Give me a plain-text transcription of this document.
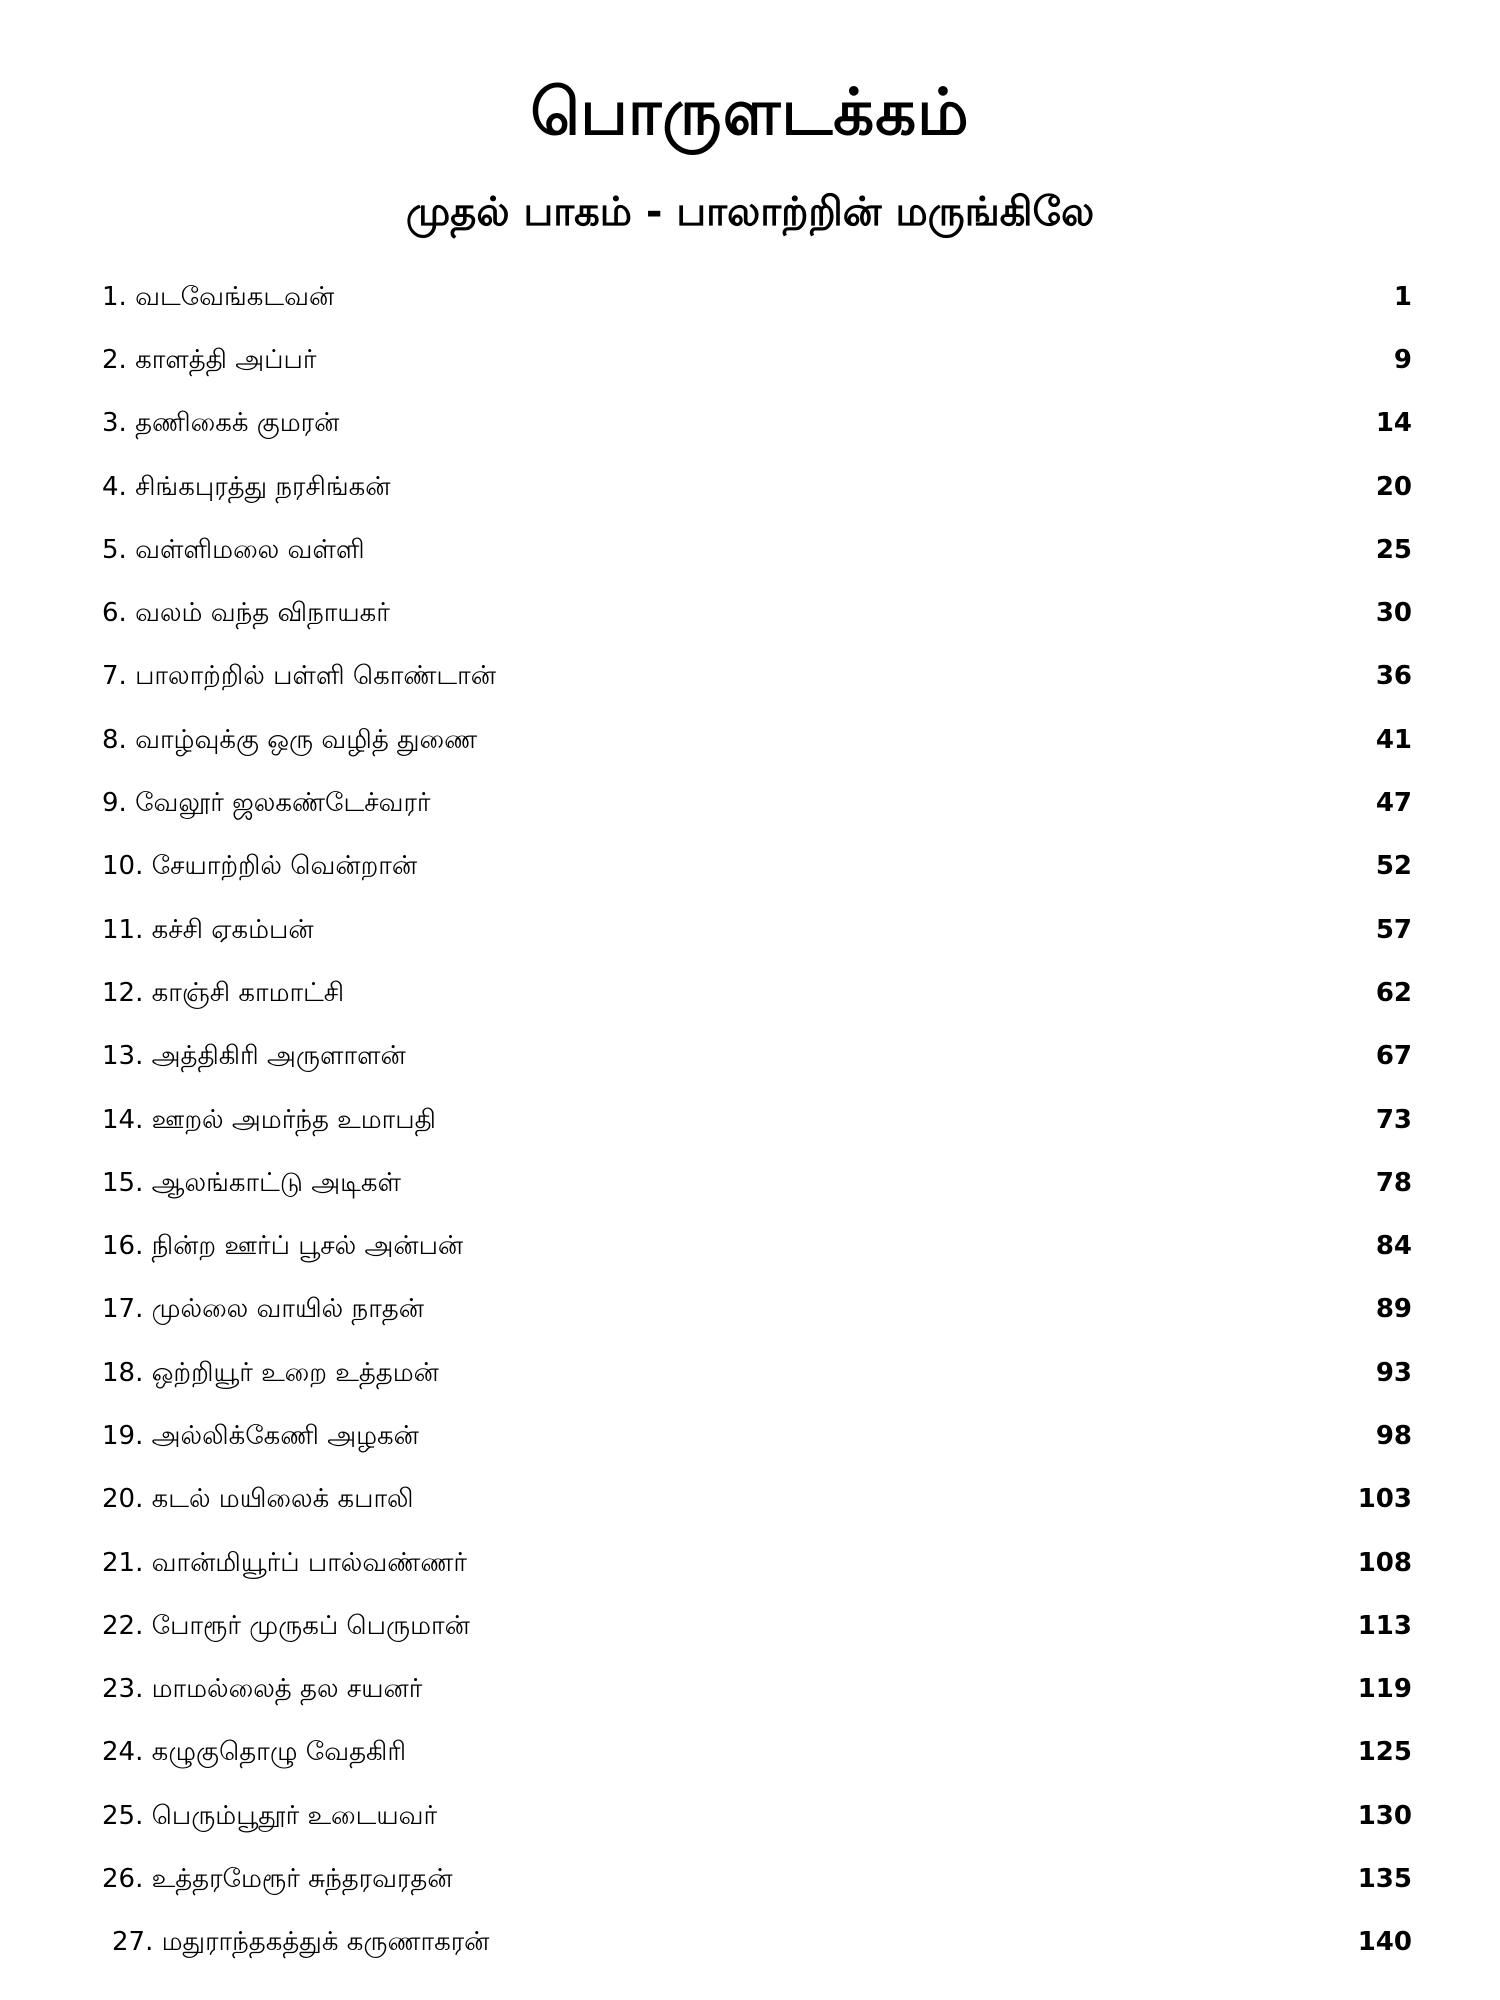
பொருளடக்கம்
முதல் பாகம் - பாலாற்றின் மருங்கிலே
1. வடவேங்கடவன்	1
2. காளத்தி அப்பர்	9
3. தணிகைக் குமரன்	14
4. சிங்கபுரத்து நரசிங்கன்	20
5. வள்ளிமலை வள்ளி	25
6. வலம் வந்த விநாயகர்	30
7. பாலாற்றில் பள்ளி கொண்டான்	36
8. வாழ்வுக்கு ஒரு வழித் துணை	41
9. வேலூர் ஜலகண்டேச்வரர்	47
10. சேயாற்றில் வென்றான்	52
11. கச்சி ஏகம்பன்	57
12. காஞ்சி காமாட்சி	62
13. அத்திகிரி அருளாளன்	67
14. ஊறல் அமர்ந்த உமாபதி	73
15. ஆலங்காட்டு அடிகள்	78
16. நின்ற ஊர்ப் பூசல் அன்பன்	84
17. முல்லை வாயில் நாதன்	89
18. ஒற்றியூர் உறை உத்தமன்	93
19. அல்லிக்கேணி அழகன்	98
20. கடல் மயிலைக் கபாலி	103
21. வான்மியூர்ப் பால்வண்ணர்	108
22. போரூர் முருகப் பெருமான்	113
23. மாமல்லைத் தல சயனர்	119
24. கழுகுதொழு வேதகிரி	125
25. பெரும்பூதூர் உடையவர்	130
26. உத்தரமேரூர் சுந்தரவரதன்	135
27. மதுராந்தகத்துக் கருணாகரன்	140
